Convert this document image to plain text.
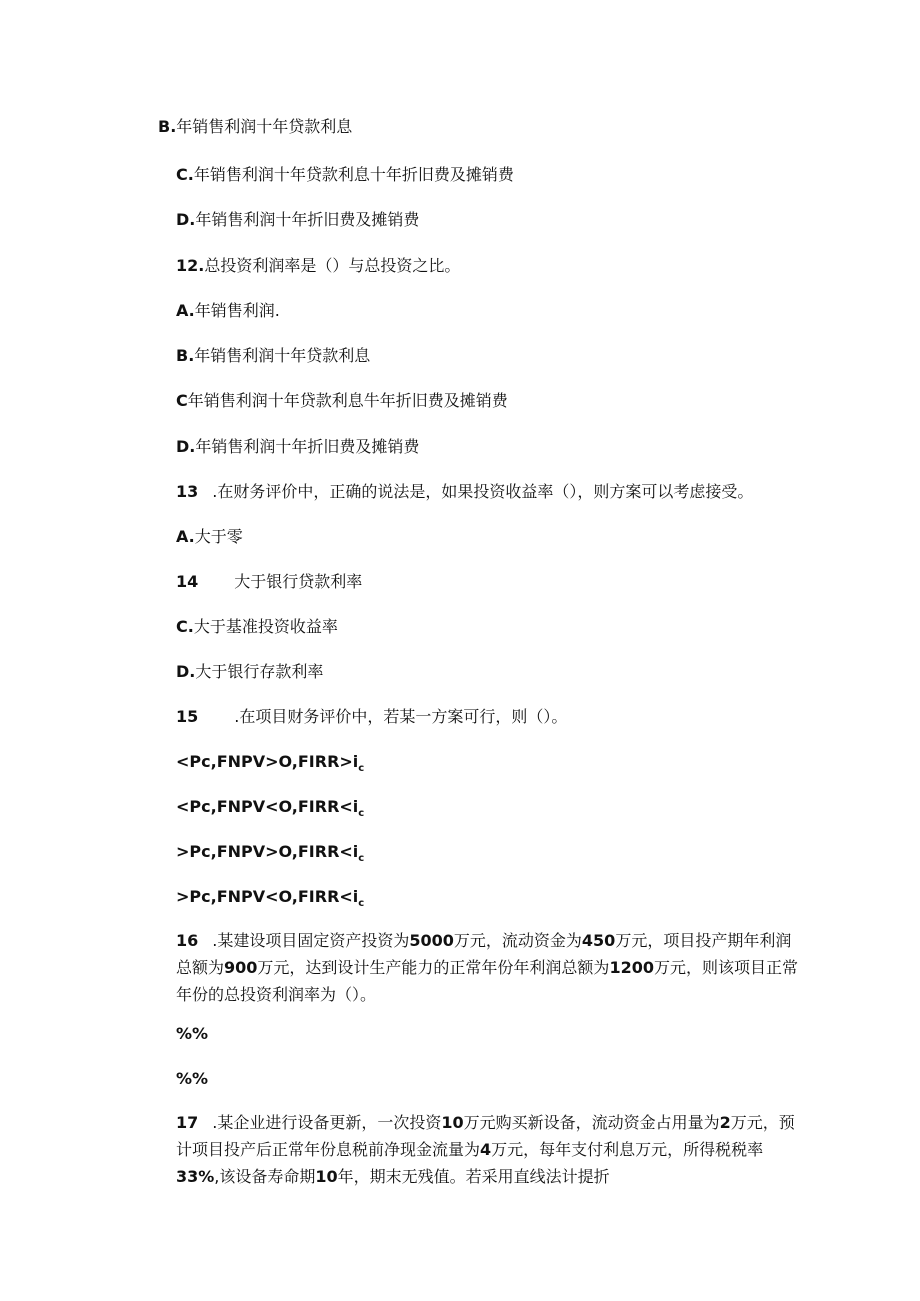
B.年销售利润十年贷款利息
C.年销售利润十年贷款利息十年折旧费及摊销费
D.年销售利润十年折旧费及摊销费
12.总投资利润率是（）与总投资之比。
A.年销售利润.
B.年销售利润十年贷款利息
C年销售利润十年贷款利息牛年折旧费及摊销费
D.年销售利润十年折旧费及摊销费
13 .在财务评价中，正确的说法是，如果投资收益率（），则方案可以考虑接受。
A.大于零
14 大于银行贷款利率
C.大于基准投资收益率
D.大于银行存款利率
15 .在项目财务评价中，若某一方案可行，则（）。
$<Pc,FNPV>O,FIRR>i_c$
$<Pc,FNPV<O,FIRR<i_c$
$>Pc,FNPV>O,FIRR<i_c$
$>Pc,FNPV<O,FIRR<i_c$
16 .某建设项目固定资产投资为5000万元，流动资金为450万元，项目投产期年利润总额为900万元，达到设计生产能力的正常年份年利润总额为1200万元，则该项目正常年份的总投资利润率为（）。
%%
%%
17 .某企业进行设备更新，一次投资10万元购买新设备，流动资金占用量为2万元，预计项目投产后正常年份息税前净现金流量为4万元，每年支付利息万元，所得税税率33%,该设备寿命期10年，期末无残值。若采用直线法计提折
